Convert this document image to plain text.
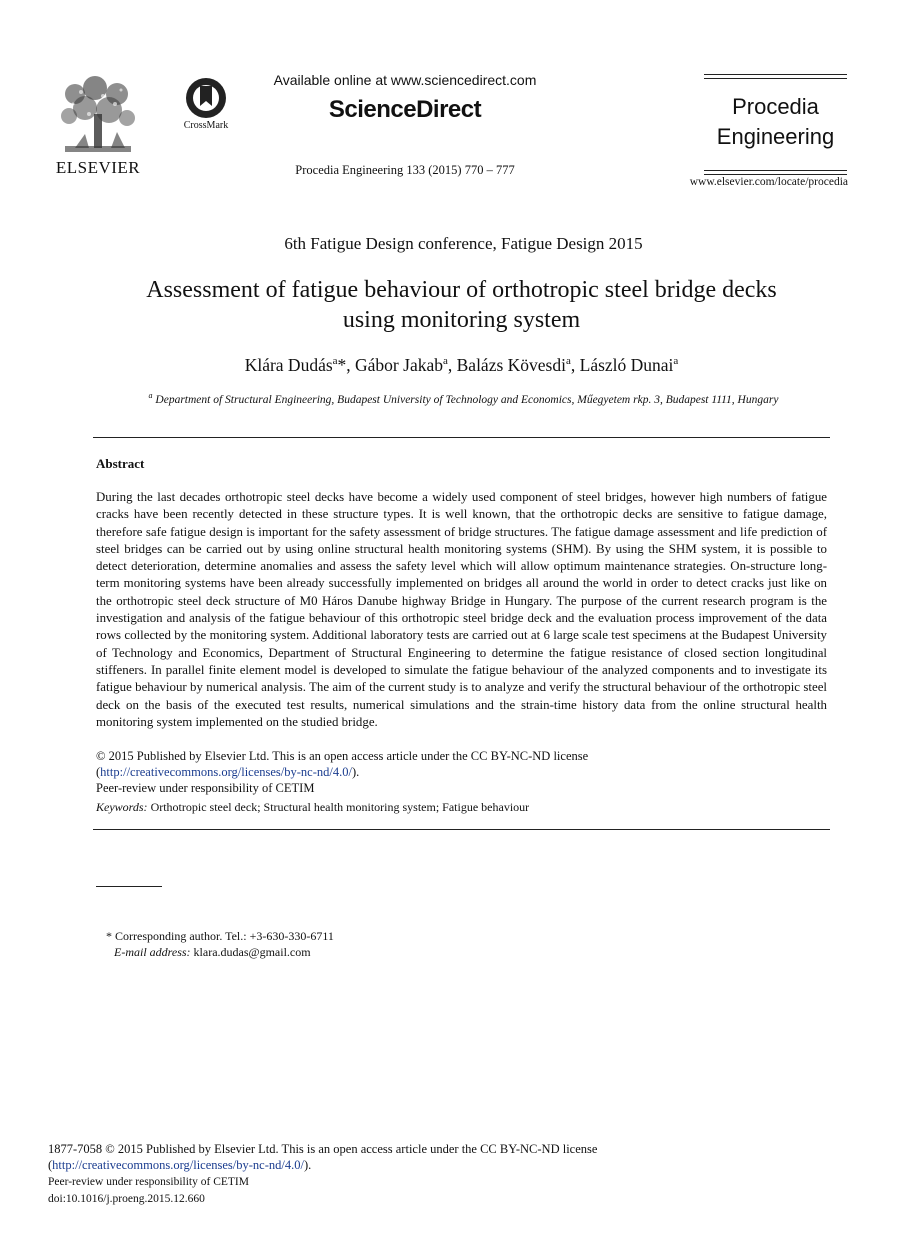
ELSEVIER
CrossMark
Available online at www.sciencedirect.com
ScienceDirect
Procedia Engineering 133 (2015) 770 – 777
Procedia
Engineering
www.elsevier.com/locate/procedia
6th Fatigue Design conference, Fatigue Design 2015
Assessment of fatigue behaviour of orthotropic steel bridge decks
using monitoring system
Klára Dudás$^a$*, Gábor Jakab$^a$, Balázs Kövesdi$^a$, László Dunai$^a$
$^a$ Department of Structural Engineering, Budapest University of Technology and Economics, Műegyetem rkp. 3, Budapest 1111, Hungary
Abstract
During the last decades orthotropic steel decks have become a widely used component of steel bridges, however high numbers of fatigue cracks have been recently detected in these structure types. It is well known, that the orthotropic decks are sensitive to fatigue damage, therefore safe fatigue design is important for the safety assessment of bridge structures. The fatigue damage assessment and life prediction of steel bridges can be carried out by using online structural health monitoring systems (SHM). By using the SHM system, it is possible to detect deterioration, determine anomalies and assess the safety level which will allow optimum maintenance strategies. On-structure long-term monitoring systems have been already successfully implemented on bridges all around the world in order to detect cracks just like on the orthotropic steel deck structure of M0 Háros Danube highway Bridge in Hungary. The purpose of the current research program is the investigation and analysis of the fatigue behaviour of this orthotropic steel bridge deck and the evaluation process improvement of the data rows collected by the monitoring system. Additional laboratory tests are carried out at 6 large scale test specimens at the Budapest University of Technology and Economics, Department of Structural Engineering to determine the fatigue resistance of closed section longitudinal stiffeners. In parallel finite element model is developed to simulate the fatigue behaviour of the analyzed components and to investigate its fatigue behaviour by numerical analysis. The aim of the current study is to analyze and verify the structural behaviour of the orthotropic steel deck on the basis of the executed test results, numerical simulations and the strain-time history data from the online structural health monitoring system implemented on the studied bridge.
© 2015 Published by Elsevier Ltd. This is an open access article under the CC BY-NC-ND license
(http://creativecommons.org/licenses/by-nc-nd/4.0/).
Peer-review under responsibility of CETIM
Keywords: Orthotropic steel deck; Structural health monitoring system; Fatigue behaviour
* Corresponding author. Tel.: +3-630-330-6711
E-mail address: klara.dudas@gmail.com
1877-7058 © 2015 Published by Elsevier Ltd. This is an open access article under the CC BY-NC-ND license
(http://creativecommons.org/licenses/by-nc-nd/4.0/).
Peer-review under responsibility of CETIM
doi:10.1016/j.proeng.2015.12.660
